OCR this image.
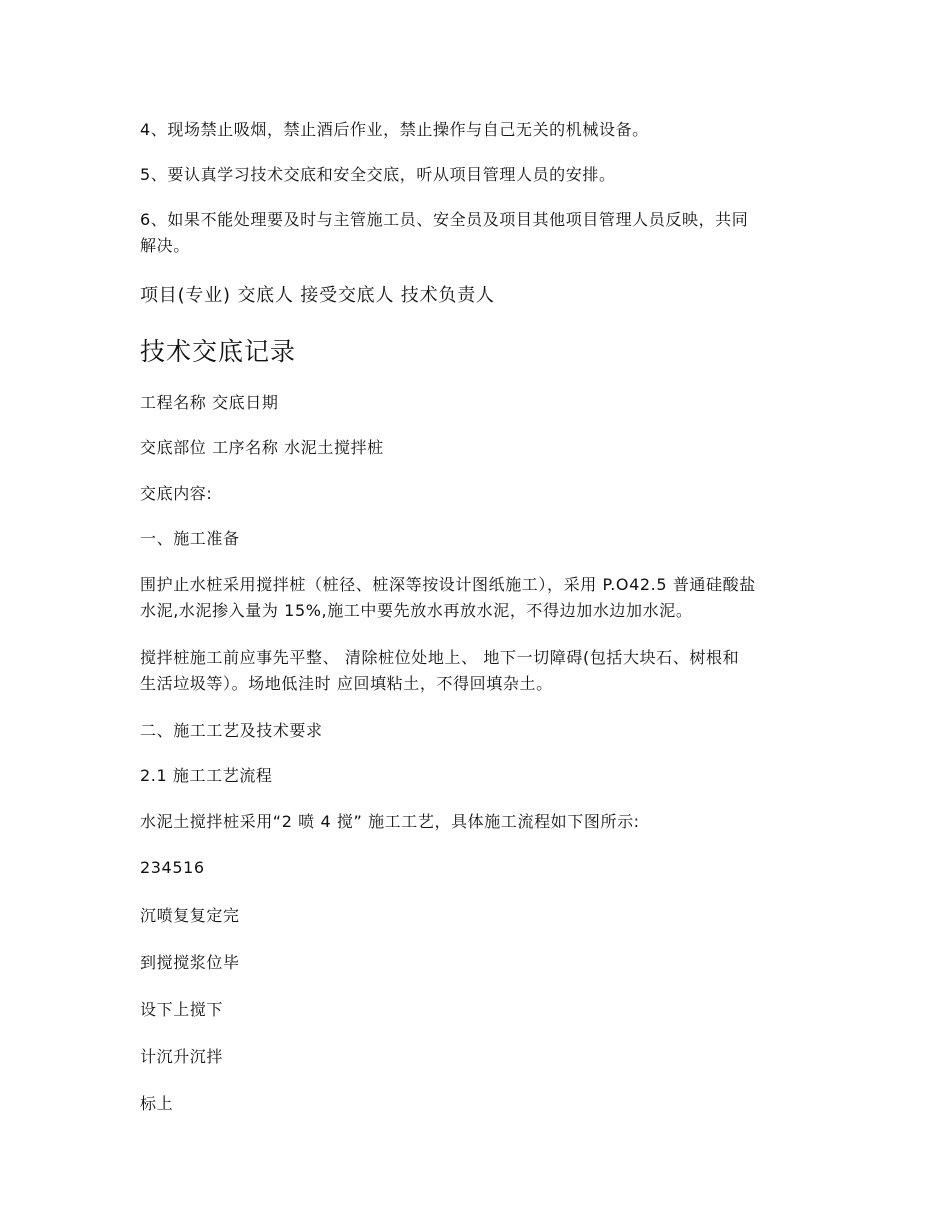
4、现场禁止吸烟，禁止酒后作业，禁止操作与自己无关的机械设备。
5、要认真学习技术交底和安全交底，听从项目管理人员的安排。
6、如果不能处理要及时与主管施工员、安全员及项目其他项目管理人员反映，共同
解决。
项目(专业) 交底人 接受交底人 技术负责人
技术交底记录
工程名称 交底日期
交底部位 工序名称 水泥土搅拌桩
交底内容:
一、施工准备
围护止水桩采用搅拌桩（桩径、桩深等按设计图纸施工），采用 P.O42.5 普通硅酸盐
水泥,水泥掺入量为 15%,施工中要先放水再放水泥，不得边加水边加水泥。
搅拌桩施工前应事先平整、 清除桩位处地上、 地下一切障碍(包括大块石、树根和
生活垃圾等）。场地低洼时 应回填粘土，不得回填杂土。
二、施工工艺及技术要求
2.1 施工工艺流程
水泥土搅拌桩采用“2 喷 4 搅” 施工工艺，具体施工流程如下图所示:
234516
沉喷复复定完
到搅搅浆位毕
设下上搅下
计沉升沉拌
标上
